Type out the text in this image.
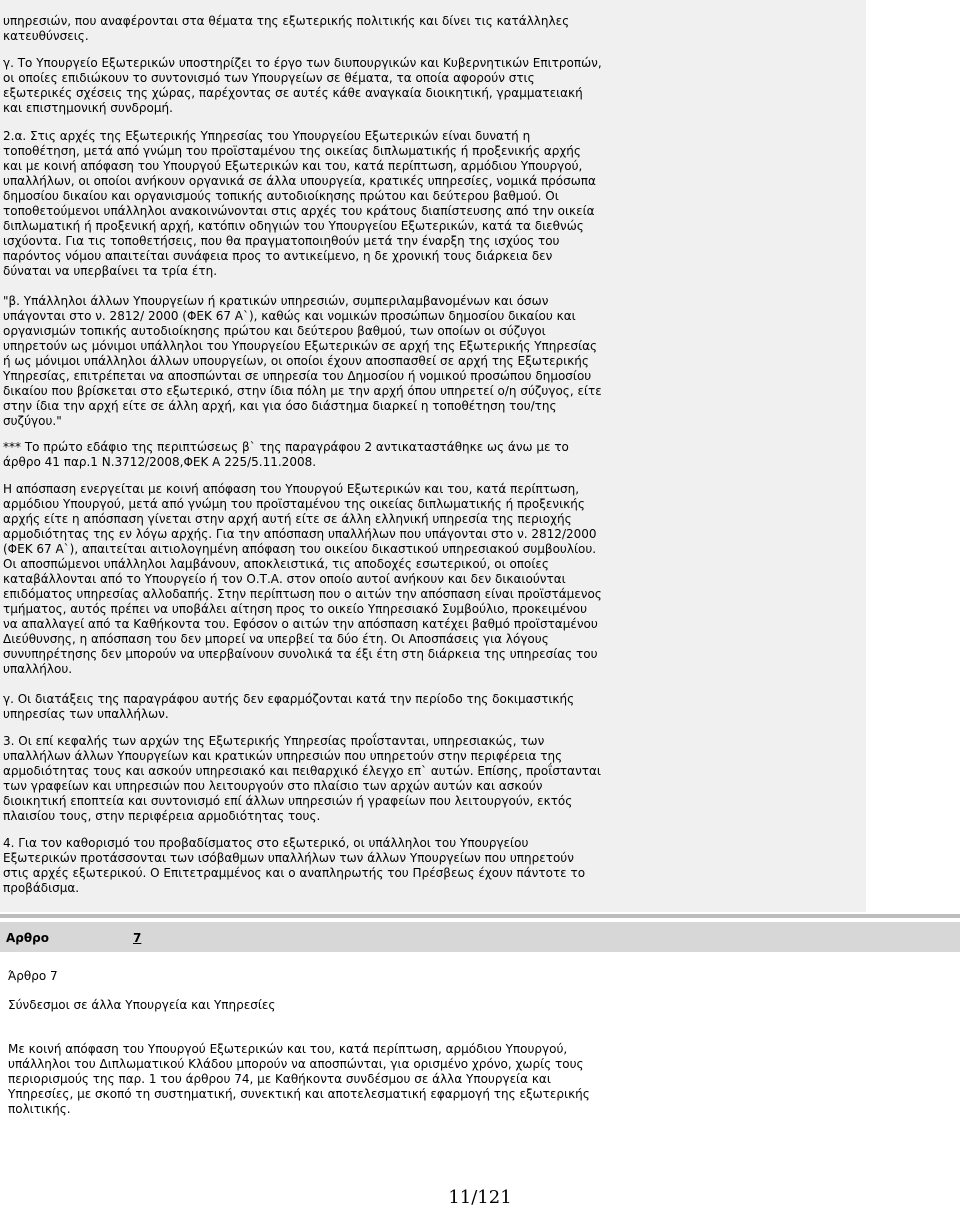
υπηρεσιών, που αναφέρονται στα θέματα της εξωτερικής πολιτικής και δίνει τις κατάλληλες κατευθύνσεις.

γ. Το Υπουργείο Εξωτερικών υποστηρίζει το έργο των διυπουργικών και Κυβερνητικών Επιτροπών, οι οποίες επιδιώκουν το συντονισμό των Υπουργείων σε θέματα, τα οποία αφορούν στις εξωτερικές σχέσεις της χώρας, παρέχοντας σε αυτές κάθε αναγκαία διοικητική, γραμματειακή και επιστημονική συνδρομή.

2.α. Στις αρχές της Εξωτερικής Υπηρεσίας του Υπουργείου Εξωτερικών είναι δυνατή η τοποθέτηση, μετά από γνώμη του προϊσταμένου της οικείας διπλωματικής ή προξενικής αρχής και με κοινή απόφαση του Υπουργού Εξωτερικών και του, κατά περίπτωση, αρμόδιου Υπουργού, υπαλλήλων, οι οποίοι ανήκουν οργανικά σε άλλα υπουργεία, κρατικές υπηρεσίες, νομικά πρόσωπα δημοσίου δικαίου και οργανισμούς τοπικής αυτοδιοίκησης πρώτου και δεύτερου βαθμού. Οι τοποθετούμενοι υπάλληλοι ανακοινώνονται στις αρχές του κράτους διαπίστευσης από την οικεία διπλωματική ή προξενική αρχή, κατόπιν οδηγιών του Υπουργείου Εξωτερικών, κατά τα διεθνώς ισχύοντα. Για τις τοποθετήσεις, που θα πραγματοποιηθούν μετά την έναρξη της ισχύος του παρόντος νόμου απαιτείται συνάφεια προς το αντικείμενο, η δε χρονική τους διάρκεια δεν δύναται να υπερβαίνει τα τρία έτη.

"β. Υπάλληλοι άλλων Υπουργείων ή κρατικών υπηρεσιών, συμπεριλαμβανομένων και όσων υπάγονται στο ν. 2812/ 2000 (ΦΕΚ 67 Α`), καθώς και νομικών προσώπων δημοσίου δικαίου και οργανισμών τοπικής αυτοδιοίκησης πρώτου και δεύτερου βαθμού, των οποίων οι σύζυγοι υπηρετούν ως μόνιμοι υπάλληλοι του Υπουργείου Εξωτερικών σε αρχή της Εξωτερικής Υπηρεσίας ή ως μόνιμοι υπάλληλοι άλλων υπουργείων, οι οποίοι έχουν αποσπασθεί σε αρχή της Εξωτερικής Υπηρεσίας, επιτρέπεται να αποσπώνται σε υπηρεσία του Δημοσίου ή νομικού προσώπου δημοσίου δικαίου που βρίσκεται στο εξωτερικό, στην ίδια πόλη με την αρχή όπου υπηρετεί ο/η σύζυγος, είτε στην ίδια την αρχή είτε σε άλλη αρχή, και για όσο διάστημα διαρκεί η τοποθέτηση του/της συζύγου."

*** Το πρώτο εδάφιο της περιπτώσεως β` της παραγράφου 2 αντικαταστάθηκε ως άνω με το άρθρο 41 παρ.1 Ν.3712/2008,ΦΕΚ Α 225/5.11.2008.

Η απόσπαση ενεργείται με κοινή απόφαση του Υπουργού Εξωτερικών και του, κατά περίπτωση, αρμόδιου Υπουργού, μετά από γνώμη του προϊσταμένου της οικείας διπλωματικής ή προξενικής αρχής είτε η απόσπαση γίνεται στην αρχή αυτή είτε σε άλλη ελληνική υπηρεσία της περιοχής αρμοδιότητας της εν λόγω αρχής. Για την απόσπαση υπαλλήλων που υπάγονται στο ν. 2812/2000 (ΦΕΚ 67 Α`), απαιτείται αιτιολογημένη απόφαση του οικείου δικαστικού υπηρεσιακού συμβουλίου. Οι αποσπώμενοι υπάλληλοι λαμβάνουν, αποκλειστικά, τις αποδοχές εσωτερικού, οι οποίες καταβάλλονται από το Υπουργείο ή τον Ο.Τ.Α. στον οποίο αυτοί ανήκουν και δεν δικαιούνται επιδόματος υπηρεσίας αλλοδαπής. Στην περίπτωση που ο αιτών την απόσπαση είναι προϊστάμενος τμήματος, αυτός πρέπει να υποβάλει αίτηση προς το οικείο Υπηρεσιακό Συμβούλιο, προκειμένου να απαλλαγεί από τα Καθήκοντα του. Εφόσον ο αιτών την απόσπαση κατέχει βαθμό προϊσταμένου Διεύθυνσης, η απόσπαση του δεν μπορεί να υπερβεί τα δύο έτη. Οι Αποσπάσεις για λόγους συνυπηρέτησης δεν μπορούν να υπερβαίνουν συνολικά τα έξι έτη στη διάρκεια της υπηρεσίας του υπαλλήλου.

γ. Οι διατάξεις της παραγράφου αυτής δεν εφαρμόζονται κατά την περίοδο της δοκιμαστικής υπηρεσίας των υπαλλήλων.

3. Οι επί κεφαλής των αρχών της Εξωτερικής Υπηρεσίας προΐστανται, υπηρεσιακώς, των υπαλλήλων άλλων Υπουργείων και κρατικών υπηρεσιών που υπηρετούν στην περιφέρεια της αρμοδιότητας τους και ασκούν υπηρεσιακό και πειθαρχικό έλεγχο επ` αυτών. Επίσης, προΐστανται των γραφείων και υπηρεσιών που λειτουργούν στο πλαίσιο των αρχών αυτών και ασκούν διοικητική εποπτεία και συντονισμό επί άλλων υπηρεσιών ή γραφείων που λειτουργούν, εκτός πλαισίου τους, στην περιφέρεια αρμοδιότητας τους.

4. Για τον καθορισμό του προβαδίσματος στο εξωτερικό, οι υπάλληλοι του Υπουργείου Εξωτερικών προτάσσονται των ισόβαθμων υπαλλήλων των άλλων Υπουργείων που υπηρετούν στις αρχές εξωτερικού. Ο Επιτετραμμένος και ο αναπληρωτής του Πρέσβεως έχουν πάντοτε το προβάδισμα.

Αρθρο	7
Άρθρο 7
Σύνδεσμοι σε άλλα Υπουργεία και Υπηρεσίες
Με κοινή απόφαση του Υπουργού Εξωτερικών και του, κατά περίπτωση, αρμόδιου Υπουργού, υπάλληλοι του Διπλωματικού Κλάδου μπορούν να αποσπώνται, για ορισμένο χρόνο, χωρίς τους περιορισμούς της παρ. 1 του άρθρου 74, με Καθήκοντα συνδέσμου σε άλλα Υπουργεία και Υπηρεσίες, με σκοπό τη συστηματική, συνεκτική και αποτελεσματική εφαρμογή της εξωτερικής πολιτικής.
11/121
